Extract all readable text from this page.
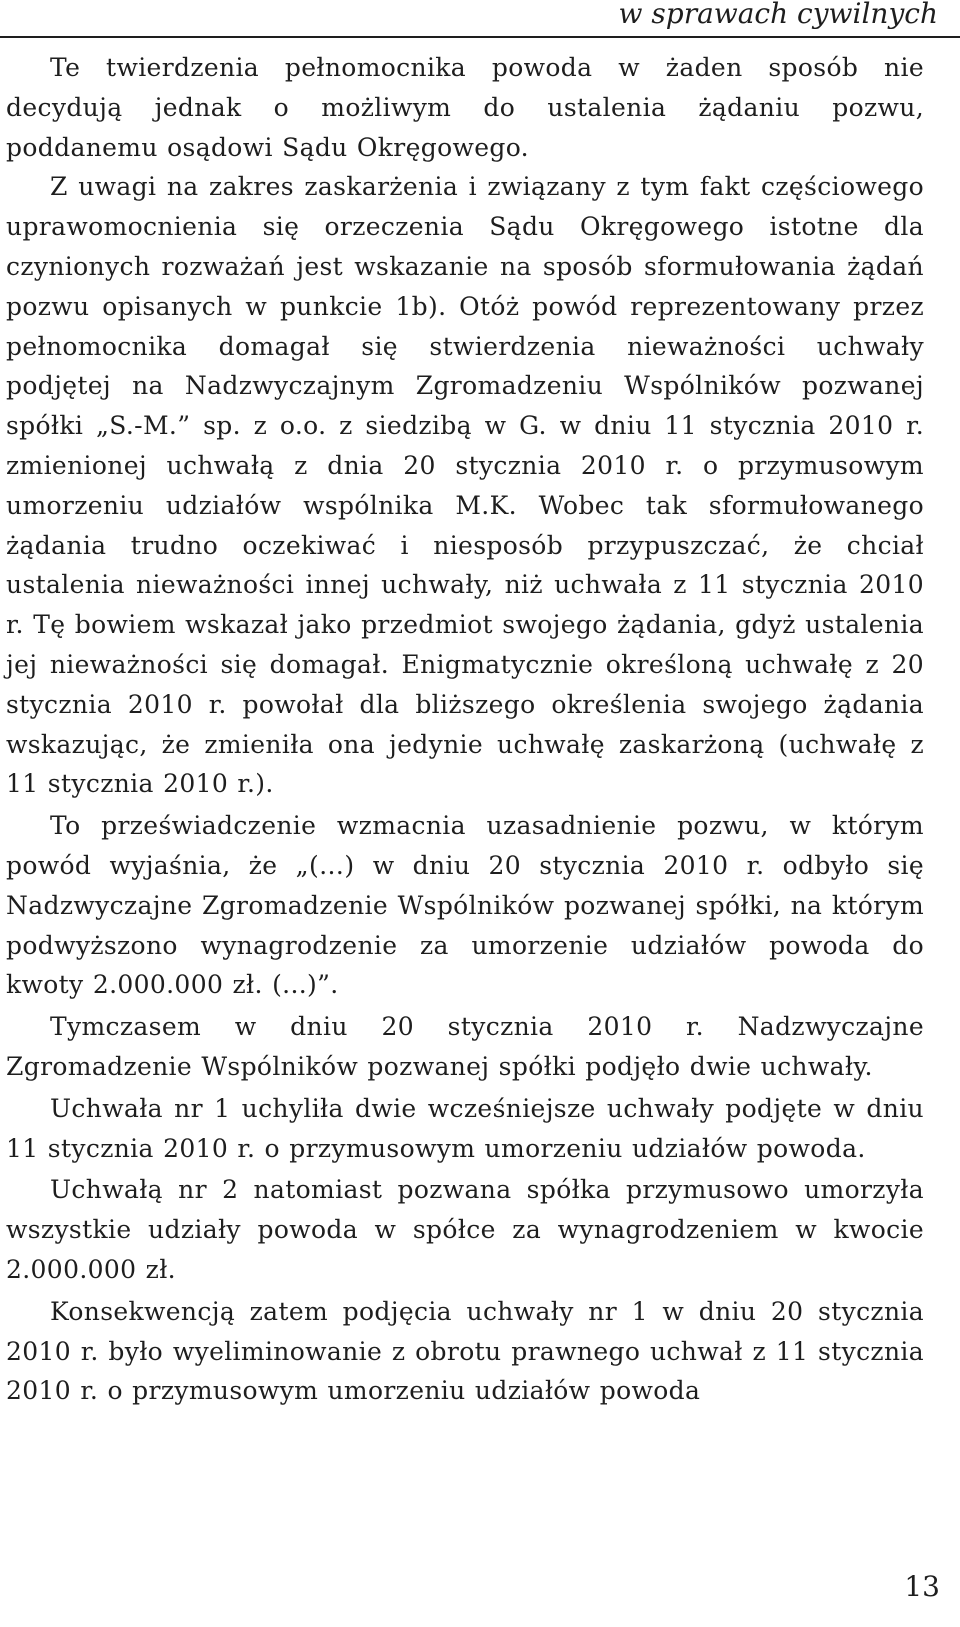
w sprawach cywilnych

Te twierdzenia pełnomocnika powoda w żaden sposób nie decydują jednak o możliwym do ustalenia żądaniu pozwu, poddanemu osądowi Sądu Okręgowego.

Z uwagi na zakres zaskarżenia i związany z tym fakt częściowego uprawomocnienia się orzeczenia Sądu Okręgowego istotne dla czynionych rozważań jest wskazanie na sposób sformułowania żądań pozwu opisanych w punkcie 1b). Otóż powód reprezentowany przez pełnomocnika domagał się stwierdzenia nieważności uchwały podjętej na Nadzwyczajnym Zgromadzeniu Wspólników pozwanej spółki „S.-M.” sp. z o.o. z siedzibą w G. w dniu 11 stycznia 2010 r. zmienionej uchwałą z dnia 20 stycznia 2010 r. o przymusowym umorzeniu udziałów wspólnika M.K. Wobec tak sformułowanego żądania trudno oczekiwać i niesposób przypuszczać, że chciał ustalenia nieważności innej uchwały, niż uchwała z 11 stycznia 2010 r. Tę bowiem wskazał jako przedmiot swojego żądania, gdyż ustalenia jej nieważności się domagał. Enigmatycznie określoną uchwałę z 20 stycznia 2010 r. powołał dla bliższego określenia swojego żądania wskazując, że zmieniła ona jedynie uchwałę zaskarżoną (uchwałę z 11 stycznia 2010 r.).

To przeświadczenie wzmacnia uzasadnienie pozwu, w którym powód wyjaśnia, że „(…) w dniu 20 stycznia 2010 r. odbyło się Nadzwyczajne Zgromadzenie Wspólników pozwanej spółki, na którym podwyższono wynagrodzenie za umorzenie udziałów powoda do kwoty 2.000.000 zł. (...)”.

Tymczasem w dniu 20 stycznia 2010 r. Nadzwyczajne Zgromadzenie Wspólników pozwanej spółki podjęło dwie uchwały.

Uchwała nr 1 uchyliła dwie wcześniejsze uchwały podjęte w dniu 11 stycznia 2010 r. o przymusowym umorzeniu udziałów powoda.

Uchwałą nr 2 natomiast pozwana spółka przymusowo umorzyła wszystkie udziały powoda w spółce za wynagrodzeniem w kwocie 2.000.000 zł.

Konsekwencją zatem podjęcia uchwały nr 1 w dniu 20 stycznia 2010 r. było wyeliminowanie z obrotu prawnego uchwał z 11 stycznia 2010 r. o przymusowym umorzeniu udziałów powoda

13
